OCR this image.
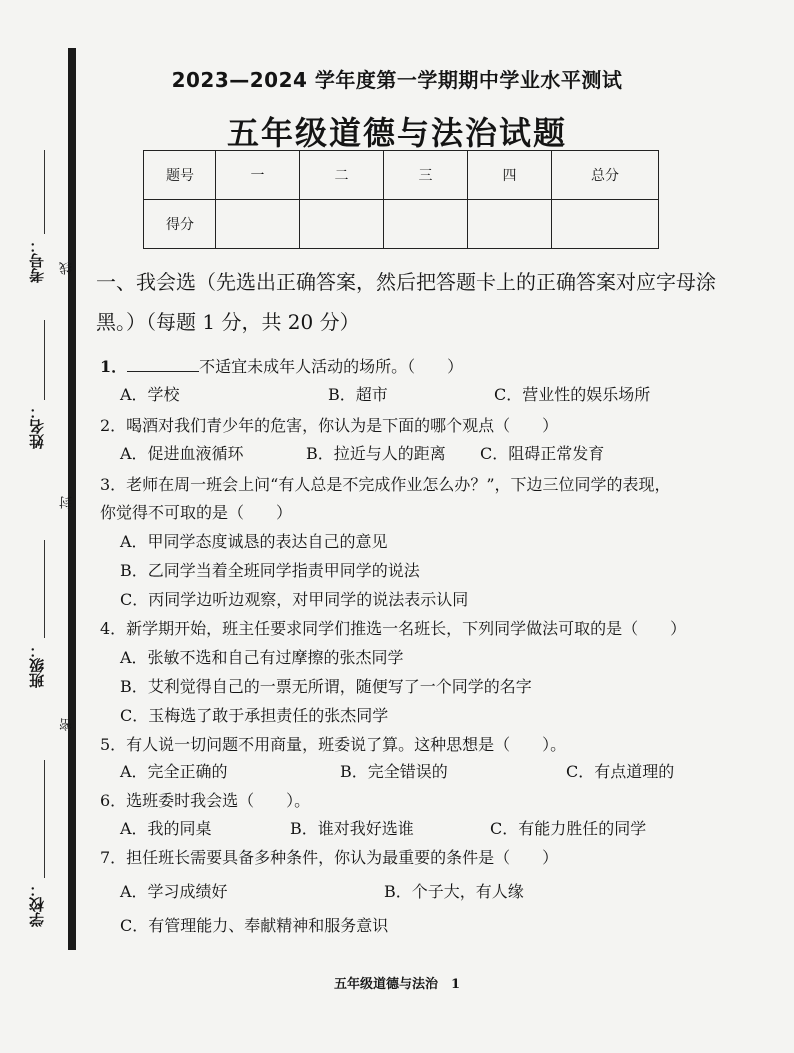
考号：
姓名：
班级：
学校：
线
封
密
2023—2024 学年度第一学期期中学业水平测试
五年级道德与法治试题
题号	一	二	三	四	总分
得分					
一、我会选（先选出正确答案，然后把答题卡上的正确答案对应字母涂黑。）（每题 1 分，共 20 分）
1．	不适宜未成年人活动的场所。（　　）
A．学校	B．超市	C．营业性的娱乐场所
2．喝酒对我们青少年的危害，你认为是下面的哪个观点（　　）
A．促进血液循环	B．拉近与人的距离 C．阻碍正常发育
3．老师在周一班会上问“有人总是不完成作业怎么办？”，下边三位同学的表现，
你觉得不可取的是（　　）
A．甲同学态度诚恳的表达自己的意见
B．乙同学当着全班同学指责甲同学的说法
C．丙同学边听边观察，对甲同学的说法表示认同
4．新学期开始，班主任要求同学们推选一名班长，下列同学做法可取的是（　　）
A．张敏不选和自己有过摩擦的张杰同学
B．艾利觉得自己的一票无所谓，随便写了一个同学的名字
C．玉梅选了敢于承担责任的张杰同学
5．有人说一切问题不用商量，班委说了算。这种思想是（　　）。
A．完全正确的	B．完全错误的	C．有点道理的
6．选班委时我会选（　　）。
A．我的同桌	B．谁对我好选谁	C．有能力胜任的同学
7．担任班长需要具备多种条件，你认为最重要的条件是（　　）
A．学习成绩好	B．个子大，有人缘
C．有管理能力、奉献精神和服务意识
五年级道德与法治　1
